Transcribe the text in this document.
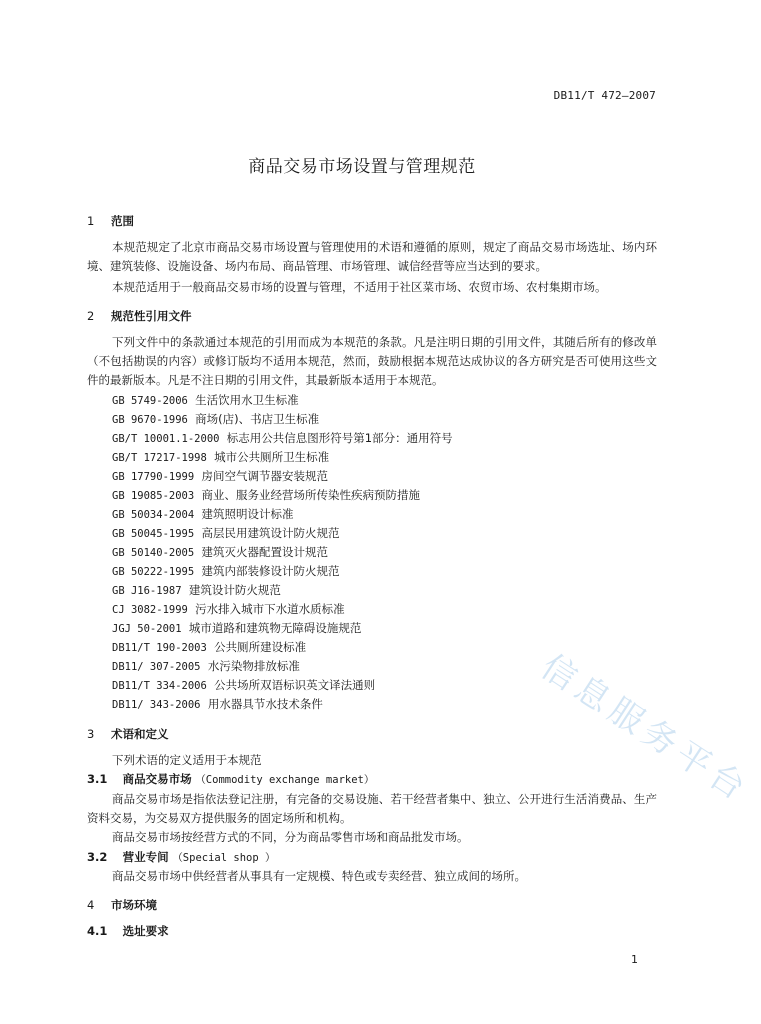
DB11/T 472—2007
商品交易市场设置与管理规范
1 范围
本规范规定了北京市商品交易市场设置与管理使用的术语和遵循的原则，规定了商品交易市场选址、场内环境、建筑装修、设施设备、场内布局、商品管理、市场管理、诚信经营等应当达到的要求。
本规范适用于一般商品交易市场的设置与管理，不适用于社区菜市场、农贸市场、农村集期市场。
2 规范性引用文件
下列文件中的条款通过本规范的引用而成为本规范的条款。凡是注明日期的引用文件，其随后所有的修改单（不包括勘误的内容）或修订版均不适用本规范，然而，鼓励根据本规范达成协议的各方研究是否可使用这些文件的最新版本。凡是不注日期的引用文件，其最新版本适用于本规范。
GB 5749-2006 生活饮用水卫生标准
GB 9670-1996 商场(店)、书店卫生标准
GB/T 10001.1-2000 标志用公共信息图形符号第1部分：通用符号
GB/T 17217-1998 城市公共厕所卫生标准
GB 17790-1999 房间空气调节器安装规范
GB 19085-2003 商业、服务业经营场所传染性疾病预防措施
GB 50034-2004 建筑照明设计标准
GB 50045-1995 高层民用建筑设计防火规范
GB 50140-2005 建筑灭火器配置设计规范
GB 50222-1995 建筑内部装修设计防火规范
GB J16-1987 建筑设计防火规范
CJ 3082-1999 污水排入城市下水道水质标准
JGJ 50-2001 城市道路和建筑物无障碍设施规范
DB11/T 190-2003 公共厕所建设标准
DB11/ 307-2005 水污染物排放标准
DB11/T 334-2006 公共场所双语标识英文译法通则
DB11/ 343-2006 用水器具节水技术条件
3 术语和定义
下列术语的定义适用于本规范
3.1 商品交易市场 （Commodity exchange market）
商品交易市场是指依法登记注册，有完备的交易设施、若干经营者集中、独立、公开进行生活消费品、生产资料交易，为交易双方提供服务的固定场所和机构。
商品交易市场按经营方式的不同，分为商品零售市场和商品批发市场。
3.2 营业专间 （Special shop ）
商品交易市场中供经营者从事具有一定规模、特色或专卖经营、独立成间的场所。
4 市场环境
4.1 选址要求
信息服务平台
1
